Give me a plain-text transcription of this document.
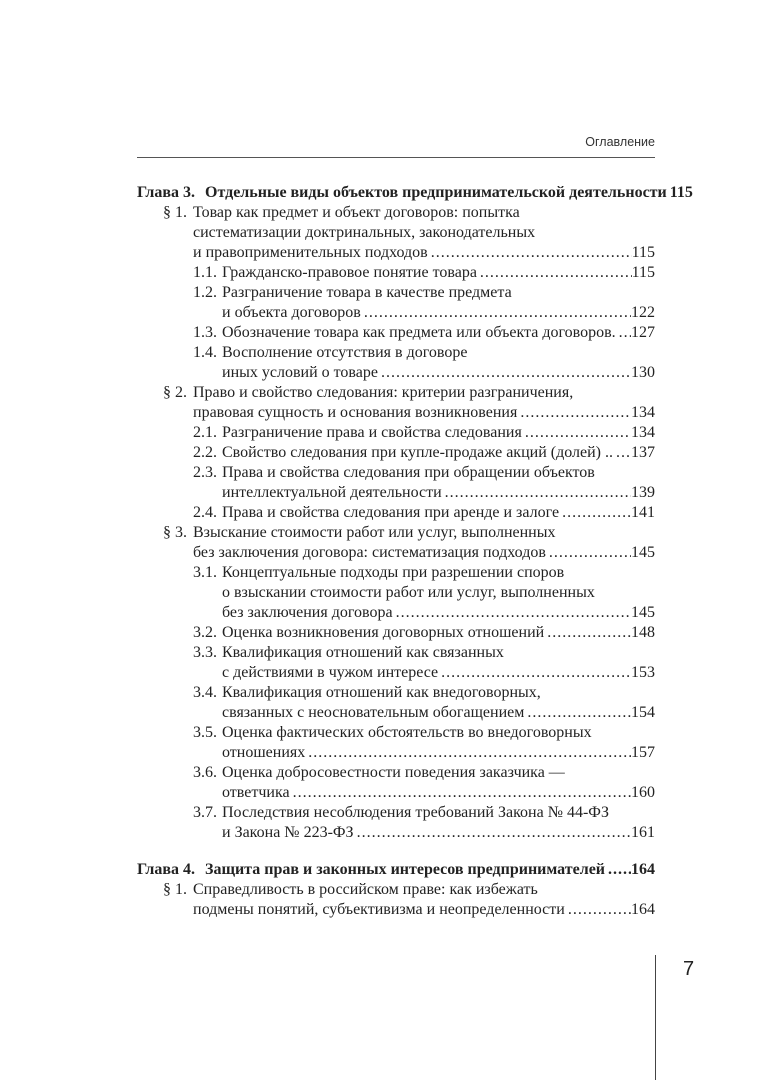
Оглавление
Глава 3. Отдельные виды объектов предпринимательской деятельности ..... 115
§ 1. Товар как предмет и объект договоров: попытка
систематизации доктринальных, законодательных
и правоприменительных подходов .....	115
1.1. Гражданско-правовое понятие товара .....	115
1.2. Разграничение товара в качестве предмета
и объекта договоров .....	122
1.3. Обозначение товара как предмета или объекта договоров. ..... 127
1.4. Восполнение отсутствия в договоре
иных условий о товаре .....	130
§ 2. Право и свойство следования: критерии разграничения,
правовая сущность и основания возникновения .....	134
2.1. Разграничение права и свойства следования .....	134
2.2. Свойство следования при купле-продаже акций (долей) .. ..... 137
2.3. Права и свойства следования при обращении объектов
интеллектуальной деятельности .....	139
2.4. Права и свойства следования при аренде и залоге .....	141
§ 3. Взыскание стоимости работ или услуг, выполненных
без заключения договора: систематизация подходов .....	145
3.1. Концептуальные подходы при разрешении споров
о взыскании стоимости работ или услуг, выполненных
без заключения договора .....	145
3.2. Оценка возникновения договорных отношений .....	148
3.3. Квалификация отношений как связанных
с действиями в чужом интересе .....	153
3.4. Квалификация отношений как внедоговорных,
связанных с неосновательным обогащением .....	154
3.5. Оценка фактических обстоятельств во внедоговорных
отношениях .....	157
3.6. Оценка добросовестности поведения заказчика —
ответчика .....	160
3.7. Последствия несоблюдения требований Закона № 44-ФЗ
и Закона № 223-ФЗ .....	161
Глава 4. Защита прав и законных интересов предпринимателей ..... 164
§ 1. Справедливость в российском праве: как избежать
подмены понятий, субъективизма и неопределенности .....	164
7
